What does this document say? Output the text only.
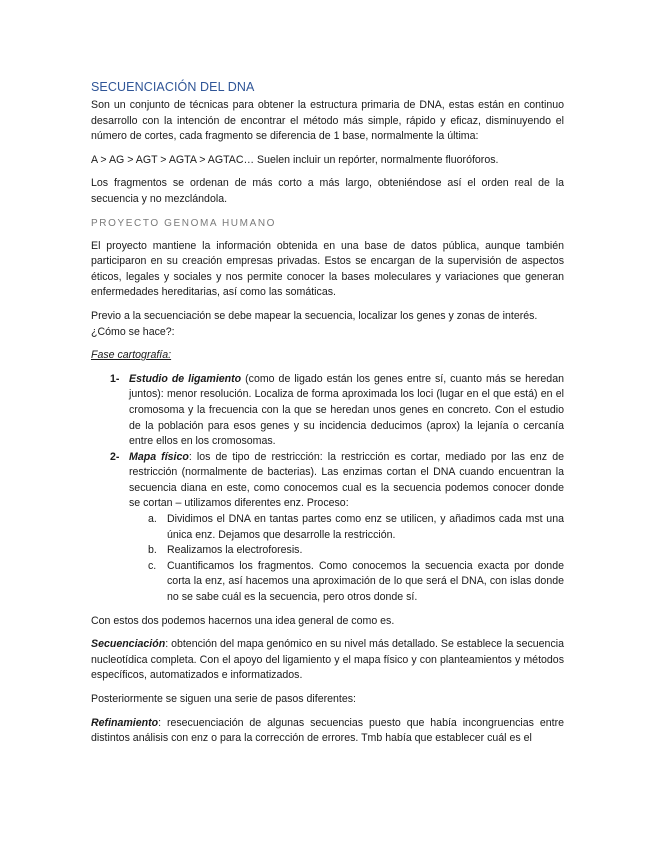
SECUENCIACIÓN DEL DNA

Son un conjunto de técnicas para obtener la estructura primaria de DNA, estas están en continuo desarrollo con la intención de encontrar el método más simple, rápido y eficaz, disminuyendo el número de cortes, cada fragmento se diferencia de 1 base, normalmente la última:

A > AG > AGT > AGTA > AGTAC… Suelen incluir un repórter, normalmente fluoróforos.

Los fragmentos se ordenan de más corto a más largo, obteniéndose así el orden real de la secuencia y no mezclándola.

PROYECTO GENOMA HUMANO

El proyecto mantiene la información obtenida en una base de datos pública, aunque también participaron en su creación empresas privadas. Estos se encargan de la supervisión de aspectos éticos, legales y sociales y nos permite conocer la bases moleculares y variaciones que generan enfermedades hereditarias, así como las somáticas.

Previo a la secuenciación se debe mapear la secuencia, localizar los genes y zonas de interés. ¿Cómo se hace?:

Fase cartografía:

1- Estudio de ligamiento (como de ligado están los genes entre sí, cuanto más se heredan juntos): menor resolución. Localiza de forma aproximada los loci (lugar en el que está) en el cromosoma y la frecuencia con la que se heredan unos genes en concreto. Con el estudio de la población para esos genes y su incidencia deducimos (aprox) la lejanía o cercanía entre ellos en los cromosomas.
2- Mapa físico: los de tipo de restricción: la restricción es cortar, mediado por las enz de restricción (normalmente de bacterias). Las enzimas cortan el DNA cuando encuentran la secuencia diana en este, como conocemos cual es la secuencia podemos conocer donde se cortan – utilizamos diferentes enz. Proceso:
a. Dividimos el DNA en tantas partes como enz se utilicen, y añadimos cada mst una única enz. Dejamos que desarrolle la restricción.
b. Realizamos la electroforesis.
c. Cuantificamos los fragmentos. Como conocemos la secuencia exacta por donde corta la enz, así hacemos una aproximación de lo que será el DNA, con islas donde no se sabe cuál es la secuencia, pero otros donde sí.

Con estos dos podemos hacernos una idea general de como es.

Secuenciación: obtención del mapa genómico en su nivel más detallado. Se establece la secuencia nucleotídica completa. Con el apoyo del ligamiento y el mapa físico y con planteamientos y métodos específicos, automatizados e informatizados.

Posteriormente se siguen una serie de pasos diferentes:

Refinamiento: resecuenciación de algunas secuencias puesto que había incongruencias entre distintos análisis con enz o para la corrección de errores. Tmb había que establecer cuál es el
